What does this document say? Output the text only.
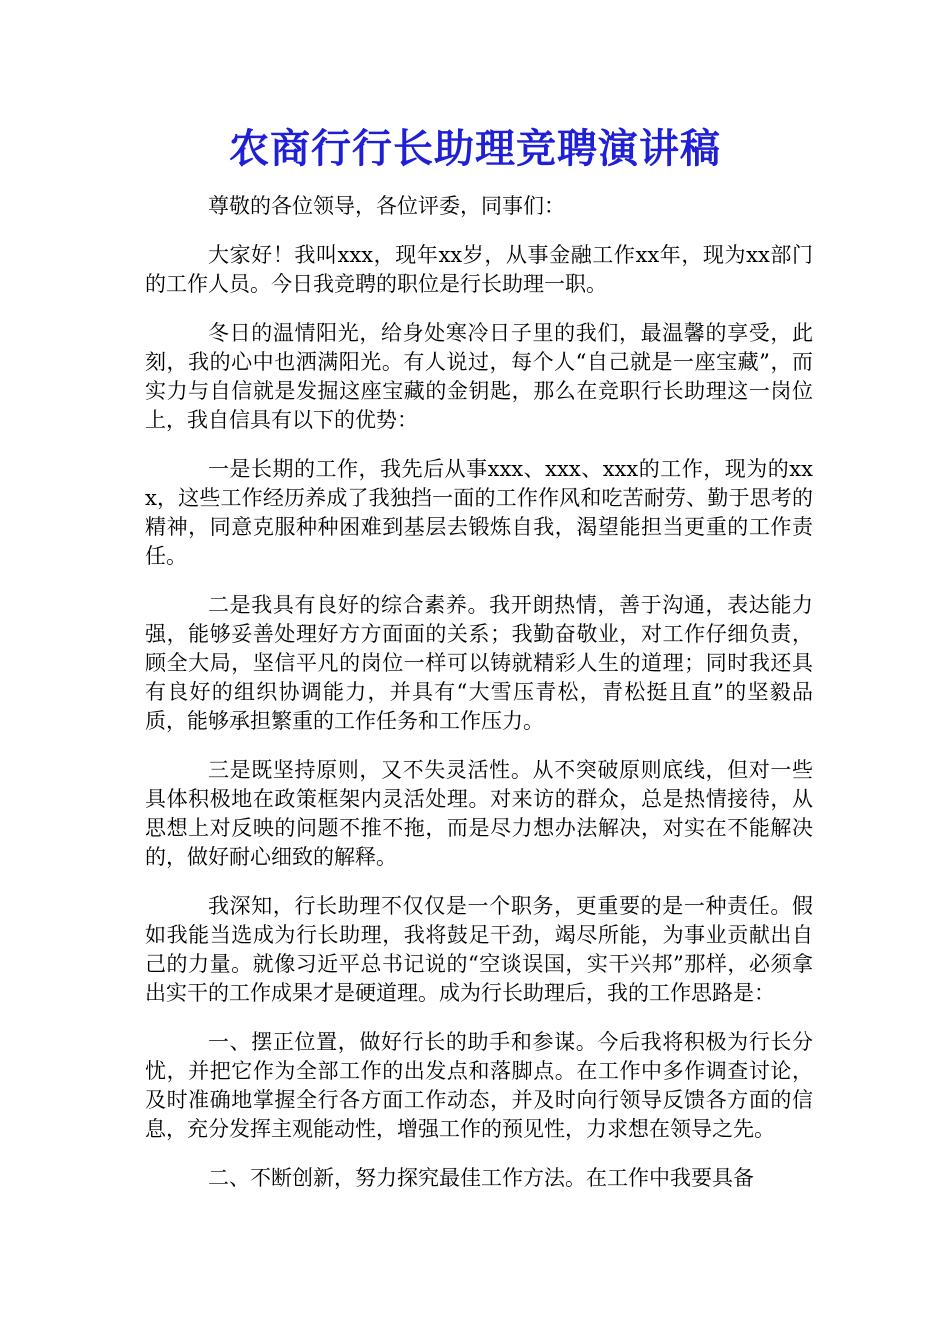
农商行行长助理竞聘演讲稿

尊敬的各位领导，各位评委，同事们：

大家好！我叫xxx，现年xx岁，从事金融工作xx年，现为xx部门的工作人员。今日我竞聘的职位是行长助理一职。

冬日的温情阳光，给身处寒冷日子里的我们，最温馨的享受，此刻，我的心中也洒满阳光。有人说过，每个人“自己就是一座宝藏”，而实力与自信就是发掘这座宝藏的金钥匙，那么在竞职行长助理这一岗位上，我自信具有以下的优势：

一是长期的工作，我先后从事xxx、xxx、xxx的工作，现为的xxx，这些工作经历养成了我独挡一面的工作作风和吃苦耐劳、勤于思考的精神，同意克服种种困难到基层去锻炼自我，渴望能担当更重的工作责任。

二是我具有良好的综合素养。我开朗热情，善于沟通，表达能力强，能够妥善处理好方方面面的关系；我勤奋敬业，对工作仔细负责，顾全大局，坚信平凡的岗位一样可以铸就精彩人生的道理；同时我还具有良好的组织协调能力，并具有“大雪压青松，青松挺且直”的坚毅品质，能够承担繁重的工作任务和工作压力。

三是既坚持原则，又不失灵活性。从不突破原则底线，但对一些具体积极地在政策框架内灵活处理。对来访的群众，总是热情接待，从思想上对反映的问题不推不拖，而是尽力想办法解决，对实在不能解决的，做好耐心细致的解释。

我深知，行长助理不仅仅是一个职务，更重要的是一种责任。假如我能当选成为行长助理，我将鼓足干劲，竭尽所能，为事业贡献出自己的力量。就像习近平总书记说的“空谈误国，实干兴邦”那样，必须拿出实干的工作成果才是硬道理。成为行长助理后，我的工作思路是：

一、摆正位置，做好行长的助手和参谋。今后我将积极为行长分忧，并把它作为全部工作的出发点和落脚点。在工作中多作调查讨论，及时准确地掌握全行各方面工作动态，并及时向行领导反馈各方面的信息，充分发挥主观能动性，增强工作的预见性，力求想在领导之先。

二、不断创新，努力探究最佳工作方法。在工作中我要具备
